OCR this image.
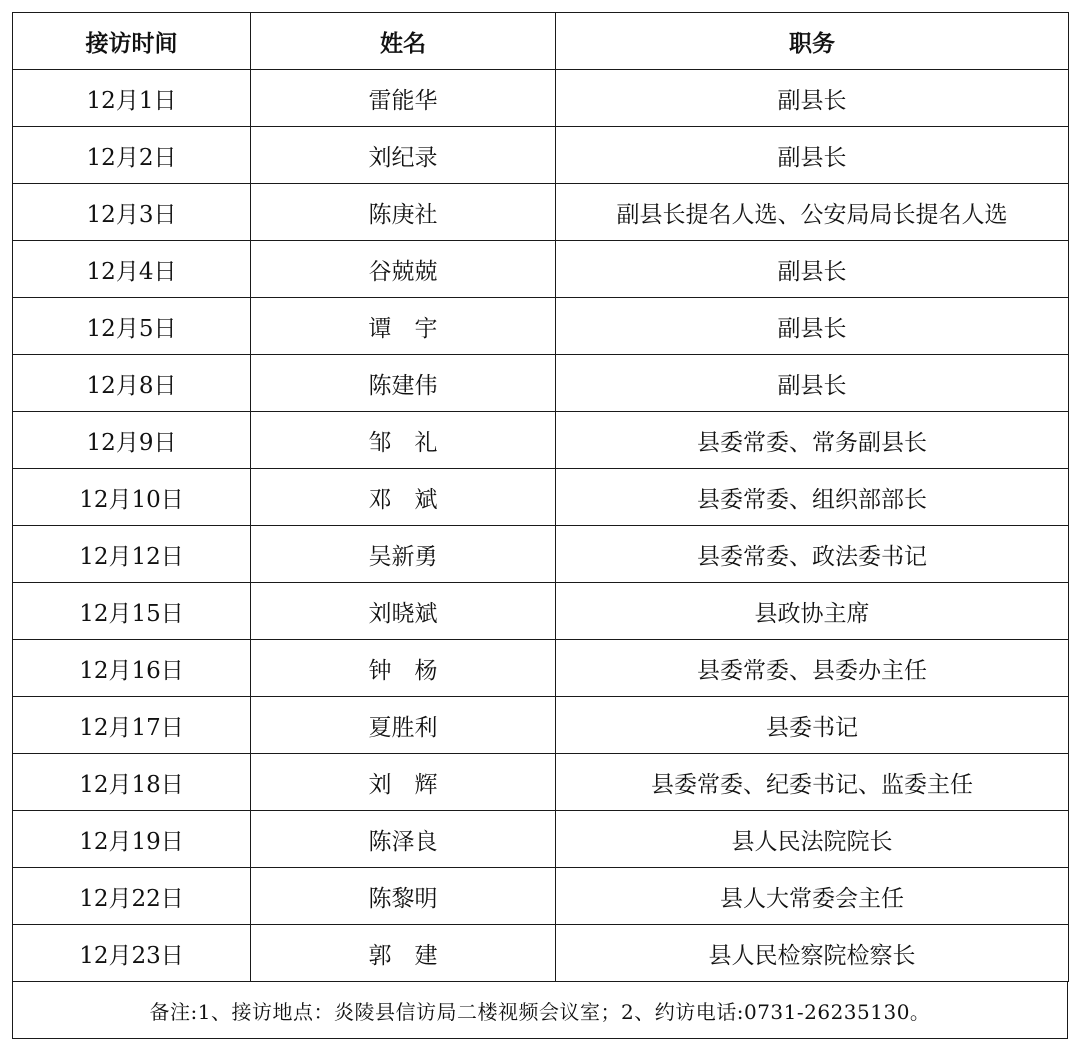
接访时间	姓名	职务
12月1日	雷能华	副县长
12月2日	刘纪录	副县长
12月3日	陈庚社	副县长提名人选、公安局局长提名人选
12月4日	谷兢兢	副县长
12月5日	谭　宇	副县长
12月8日	陈建伟	副县长
12月9日	邹　礼	县委常委、常务副县长
12月10日	邓　斌	县委常委、组织部部长
12月12日	吴新勇	县委常委、政法委书记
12月15日	刘晓斌	县政协主席
12月16日	钟　杨	县委常委、县委办主任
12月17日	夏胜利	县委书记
12月18日	刘　辉	县委常委、纪委书记、监委主任
12月19日	陈泽良	县人民法院院长
12月22日	陈黎明	县人大常委会主任
12月23日	郭　建	县人民检察院检察长
备注:1、接访地点：炎陵县信访局二楼视频会议室；2、约访电话:0731-26235130。
